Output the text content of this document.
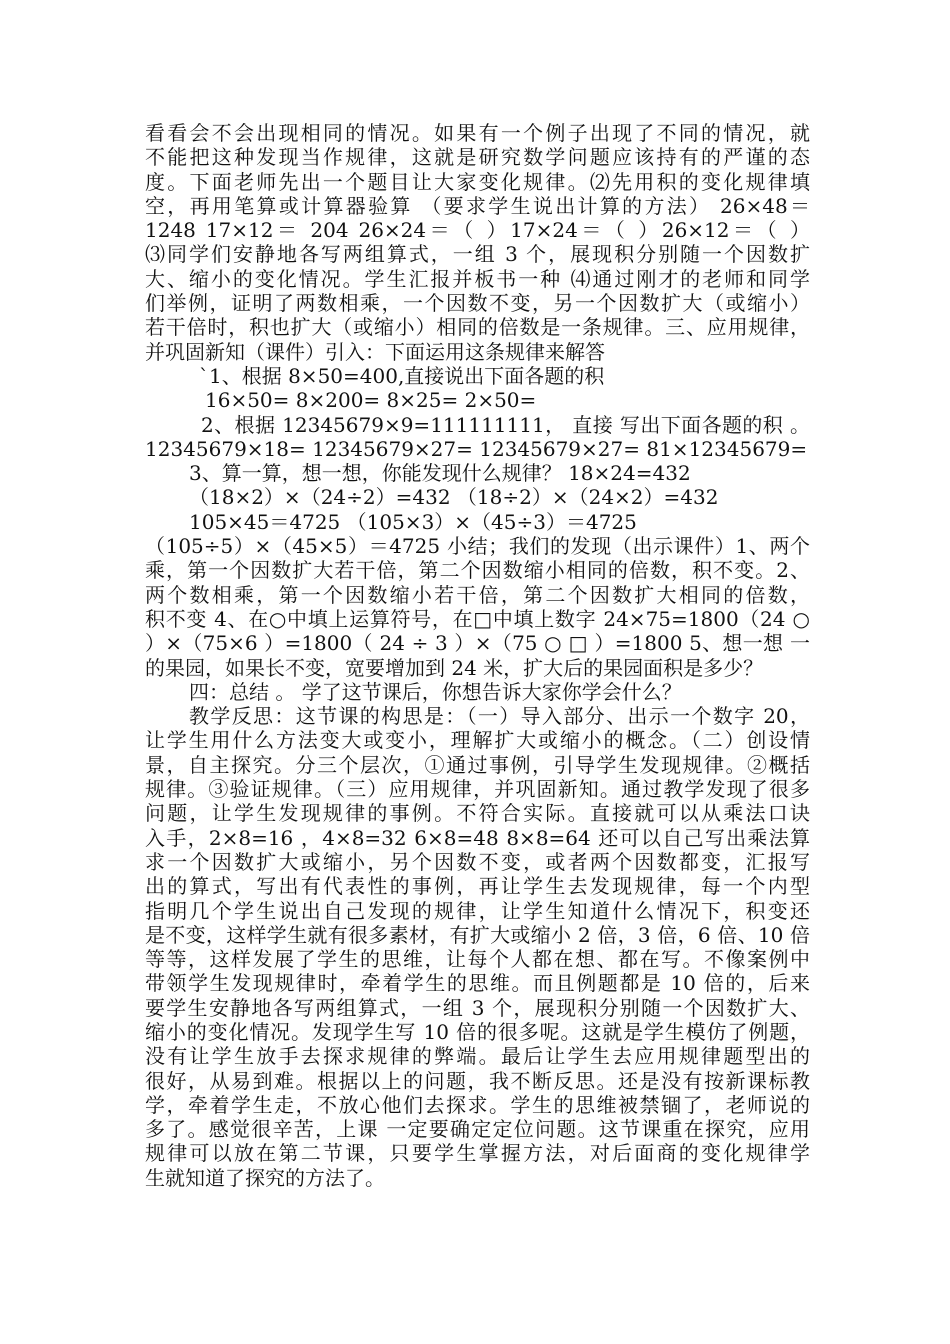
看看会不会出现相同的情况。如果有一个例子出现了不同的情况，就
不能把这种发现当作规律，这就是研究数学问题应该持有的严谨的态
度。下面老师先出一个题目让大家变化规律。⑵先用积的变化规律填
空，再用笔算或计算器验算 （要求学生说出计算的方法） 26×48＝
1248 17×12＝ 204 26×24＝（ ）17×24＝（ ）26×12＝（ ）
⑶同学们安静地各写两组算式，一组 3 个，展现积分别随一个因数扩
大、缩小的变化情况。学生汇报并板书一种 ⑷通过刚才的老师和同学
们举例，证明了两数相乘，一个因数不变，另一个因数扩大（或缩小）
若干倍时，积也扩大（或缩小）相同的倍数是一条规律。三、应用规律，
并巩固新知（课件）引入：下面运用这条规律来解答
`1、根据 8×50=400,直接说出下面各题的积
16×50= 8×200= 8×25= 2×50=
2、根据 12345679×9=111111111， 直接 写出下面各题的积 。
12345679×18= 12345679×27= 12345679×27= 81×12345679=
3、算一算，想一想，你能发现什么规律？ 18×24=432
（18×2）×（24÷2）=432 （18÷2）×（24×2）=432
105×45＝4725 （105×3）×（45÷3）＝4725
（105÷5）×（45×5）＝4725 小结；我们的发现（出示课件）1、两个
乘，第一个因数扩大若干倍，第二个因数缩小相同的倍数，积不变。2、
两个数相乘，第一个因数缩小若干倍，第二个因数扩大相同的倍数，
积不变 4、在○中填上运算符号，在□中填上数字 24×75=1800（24 ○
）×（75×6 ）=1800（ 24 ÷ 3 ）×（75 ○ □ ）=1800 5、想一想 一
的果园，如果长不变，宽要增加到 24 米，扩大后的果园面积是多少？
四：总结 。 学了这节课后，你想告诉大家你学会什么？
教学反思：这节课的构思是：（一）导入部分、出示一个数字 20，
让学生用什么方法变大或变小，理解扩大或缩小的概念。（二）创设情
景，自主探究。分三个层次，①通过事例，引导学生发现规律。②概括
规律。③验证规律。（三）应用规律，并巩固新知。通过教学发现了很多
问题，让学生发现规律的事例。不符合实际。直接就可以从乘法口诀
入手，2×8=16 ，4×8=32 6×8=48 8×8=64 还可以自己写出乘法算
求一个因数扩大或缩小，另个因数不变，或者两个因数都变，汇报写
出的算式，写出有代表性的事例，再让学生去发现规律，每一个内型
指明几个学生说出自己发现的规律，让学生知道什么情况下，积变还
是不变，这样学生就有很多素材，有扩大或缩小 2 倍，3 倍，6 倍、10 倍
等等，这样发展了学生的思维，让每个人都在想、都在写。不像案例中
带领学生发现规律时，牵着学生的思维。而且例题都是 10 倍的，后来
要学生安静地各写两组算式，一组 3 个，展现积分别随一个因数扩大、
缩小的变化情况。发现学生写 10 倍的很多呢。这就是学生模仿了例题，
没有让学生放手去探求规律的弊端。最后让学生去应用规律题型出的
很好，从易到难。根据以上的问题，我不断反思。还是没有按新课标教
学，牵着学生走，不放心他们去探求。学生的思维被禁锢了，老师说的
多了。感觉很辛苦，上课 一定要确定定位问题。这节课重在探究，应用
规律可以放在第二节课，只要学生掌握方法，对后面商的变化规律学
生就知道了探究的方法了。
